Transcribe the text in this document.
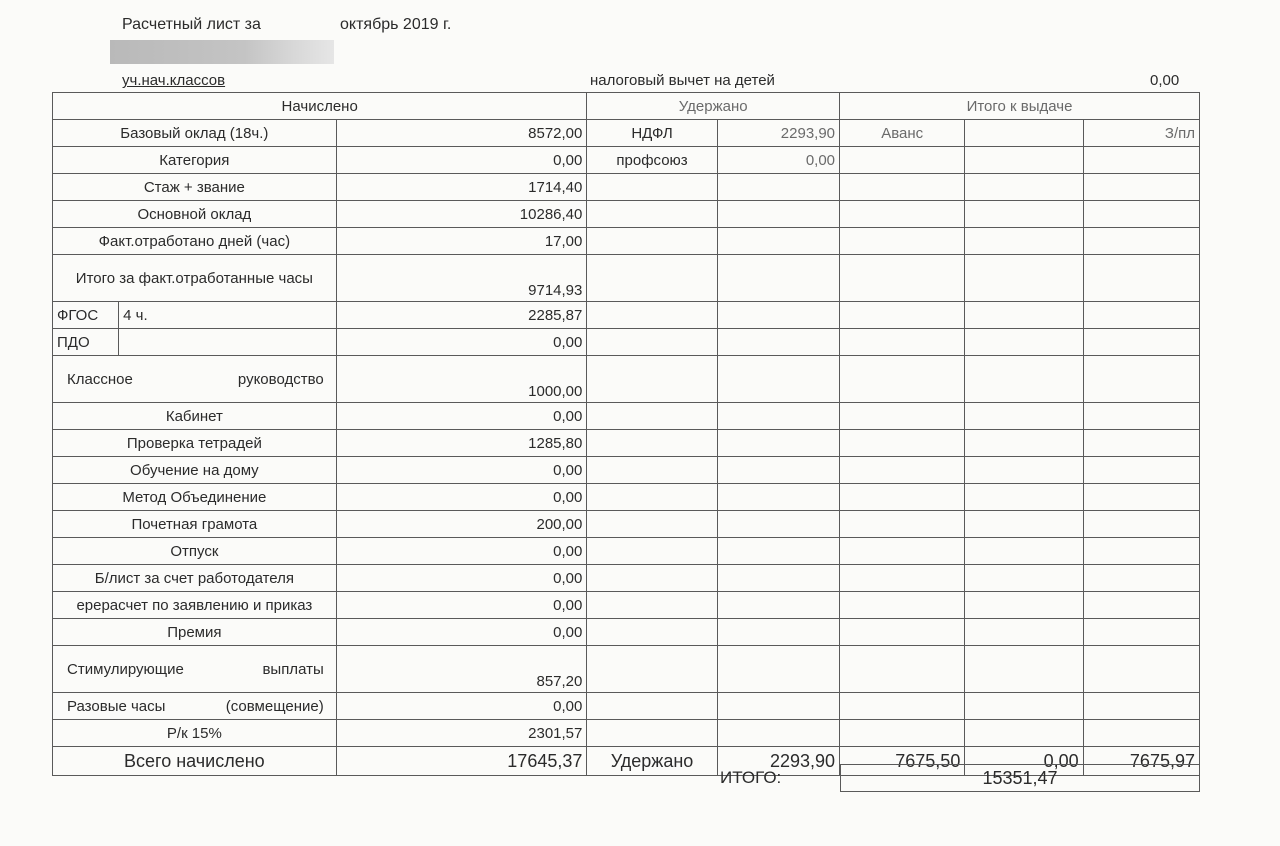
Расчетный лист за	октябрь 2019 г.
уч.нач.классов	налоговый вычет на детей	0,00
Начислено			Удержано		Итого к выдаче		
Базовый оклад (18ч.)		8572,00	НДФЛ	2293,90	Аванс		З/пл
Категория		0,00	профсоюз	0,00			
Стаж + звание		1714,40					
Основной оклад		10286,40					
Факт.отработано дней (час)		17,00					
Итого за факт.отработанные часы		9714,93					
ФГОС	4 ч.	2285,87					
ПДО		0,00					

Классное руководство		1000,00					
Кабинет		0,00					
Проверка тетрадей		1285,80					
Обучение на дому		0,00					
Метод Объединение		0,00					
Почетная грамота		200,00					
Отпуск		0,00					
Б/лист за счет работодателя		0,00					
ерерасчет по заявлению и приказ		0,00					
Премия		0,00					

Стимулирующие выплаты		857,20					

Разовые часы (совмещение)		0,00					
Р/к 15%		2301,57					
Всего начислено		17645,37	Удержано	2293,90	7675,50	0,00	7675,97
ИТОГО:	15351,47
